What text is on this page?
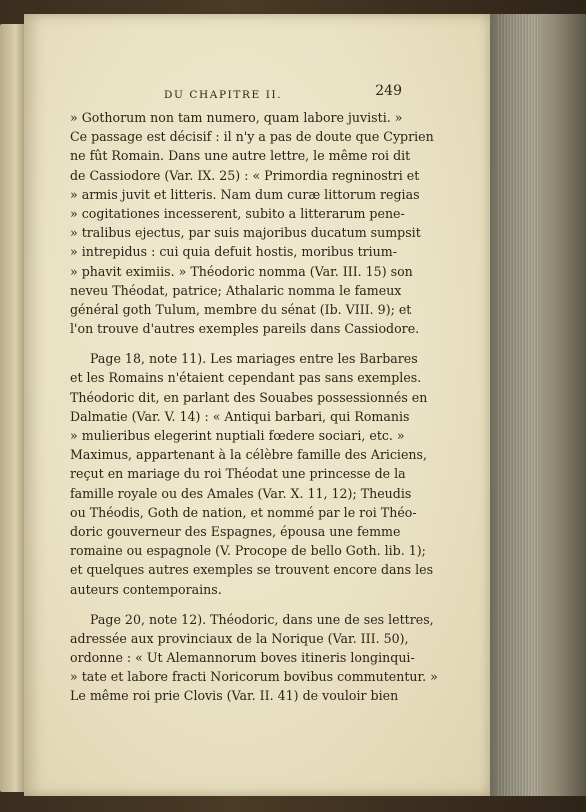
DU CHAPITRE II.	249
» Gothorum non tam numero, quam labore juvisti. »
Ce passage est décisif : il n'y a pas de doute que Cyprien
ne fût Romain. Dans une autre lettre, le même roi dit
de Cassiodore (Var. IX. 25) : « Primordia regninostri et
» armis juvit et litteris. Nam dum curæ littorum regias
» cogitationes incesserent, subito a litterarum pene-
» tralibus ejectus, par suis majoribus ducatum sumpsit
» intrepidus : cui quia defuit hostis, moribus trium-
» phavit eximiis. » Théodoric nomma (Var. III. 15) son
neveu Théodat, patrice; Athalaric nomma le fameux
général goth Tulum, membre du sénat (Ib. VIII. 9); et
l'on trouve d'autres exemples pareils dans Cassiodore.
Page 18, note 11). Les mariages entre les Barbares
et les Romains n'étaient cependant pas sans exemples.
Théodoric dit, en parlant des Souabes possessionnés en
Dalmatie (Var. V. 14) : « Antiqui barbari, qui Romanis
» mulieribus elegerint nuptiali fœdere sociari, etc. »
Maximus, appartenant à la célèbre famille des Ariciens,
reçut en mariage du roi Théodat une princesse de la
famille royale ou des Amales (Var. X. 11, 12); Theudis
ou Théodis, Goth de nation, et nommé par le roi Théo-
doric gouverneur des Espagnes, épousa une femme
romaine ou espagnole (V. Procope de bello Goth. lib. 1);
et quelques autres exemples se trouvent encore dans les
auteurs contemporains.
Page 20, note 12). Théodoric, dans une de ses lettres,
adressée aux provinciaux de la Norique (Var. III. 50),
ordonne : « Ut Alemannorum boves itineris longinqui-
» tate et labore fracti Noricorum bovibus commutentur. »
Le même roi prie Clovis (Var. II. 41) de vouloir bien
